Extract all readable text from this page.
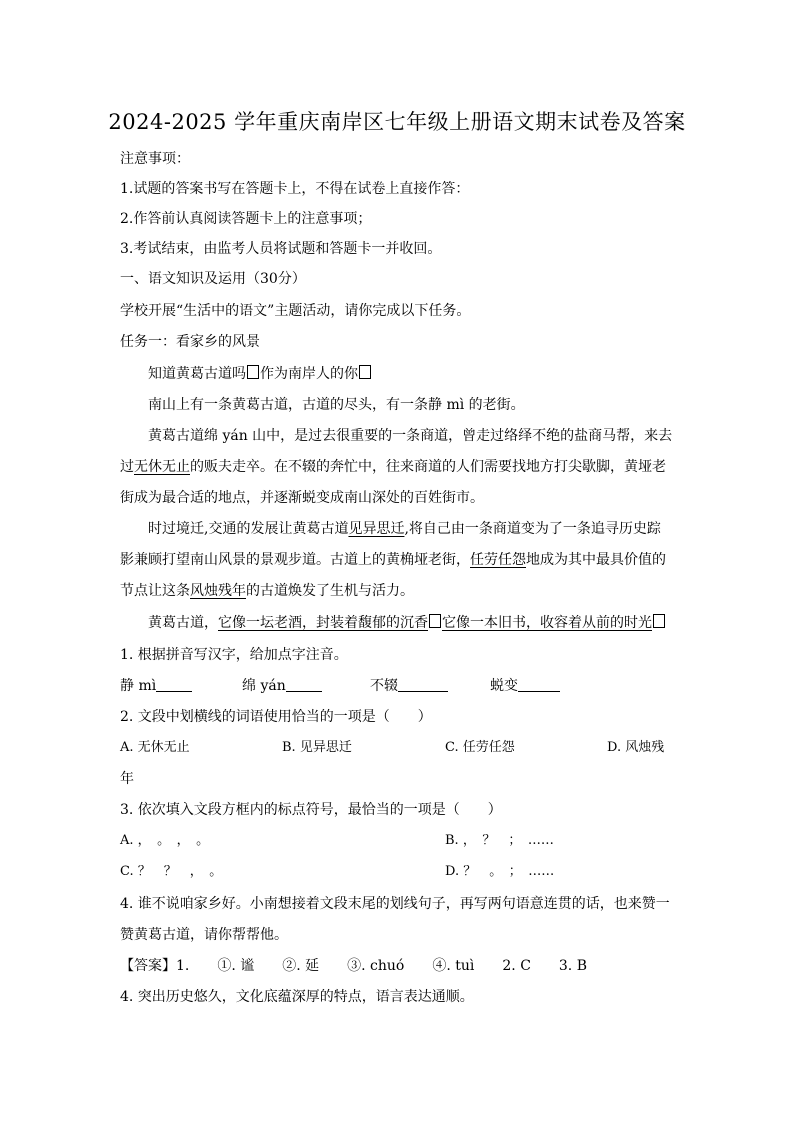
2024-2025 学年重庆南岸区七年级上册语文期末试卷及答案
注意事项：
1.试题的答案书写在答题卡上，不得在试卷上直接作答：
2.作答前认真阅读答题卡上的注意事项；
3.考试结束，由监考人员将试题和答题卡一并收回。
一、语文知识及运用（30分）
学校开展“生活中的语文”主题活动，请你完成以下任务。
任务一：看家乡的风景
知道黄葛古道吗 作为南岸人的你
南山上有一条黄葛古道，古道的尽头，有一条静 mì 的老街。
黄葛古道绵 yán 山中，是过去很重要的一条商道，曾走过络绎不绝的盐商马帮，来去
过无休无止的贩夫走卒。在不辍的奔忙中，往来商道的人们需要找地方打尖歇脚，黄垭老
街成为最合适的地点，并逐渐蜕变成南山深处的百姓街市。
时过境迁,交通的发展让黄葛古道见异思迁,将自己由一条商道变为了一条追寻历史踪
影兼顾打望南山风景的景观步道。古道上的黄桷垭老街，任劳任怨地成为其中最具价值的
节点让这条风烛残年的古道焕发了生机与活力。
黄葛古道，它像一坛老酒，封装着馥郁的沉香 它像一本旧书，收容着从前的时光
1. 根据拼音写汉字，给加点字注音。
静 mì	绵 yán	不辍	蜕变
2. 文段中划横线的词语使用恰当的一项是（　　）
A. 无休无止	B. 见异思迁	C. 任劳任怨	D. 风烛残
年
3. 依次填入文段方框内的标点符号，最恰当的一项是（　　）
A. ，　。　，　。	B. ，　？　；　……
C. ？　？　，　。	D. ？　。　；　……
4. 谁不说咱家乡好。小南想接着文段末尾的划线句子，再写两句语意连贯的话，也来赞一
赞黄葛古道，请你帮帮他。
【答案】1.　　①. 谧　　②. 延　　③. chuó　　④. tuì　　2. C　　3. B
4. 突出历史悠久，文化底蕴深厚的特点，语言表达通顺。
